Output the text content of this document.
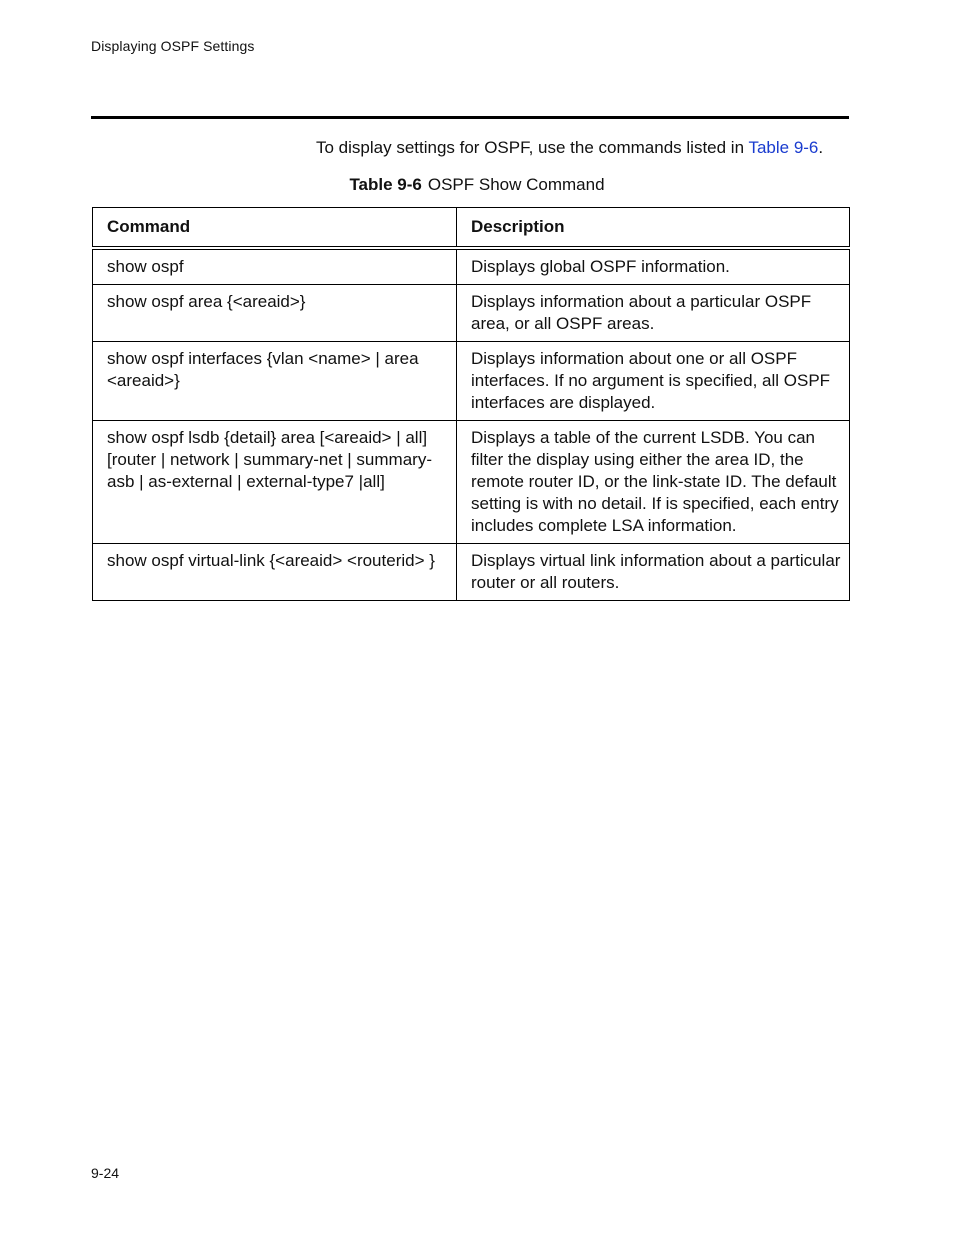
Displaying OSPF Settings
To display settings for OSPF, use the commands listed in Table 9-6.
Table 9-6 OSPF Show Command
Command	Description
show ospf	Displays global OSPF information.
show ospf area {<areaid>}	Displays information about a particular OSPF area, or all OSPF areas.
show ospf interfaces {vlan <name> | area <areaid>}	Displays information about one or all OSPF interfaces. If no argument is specified, all OSPF interfaces are displayed.
show ospf lsdb {detail} area [<areaid> | all] [router | network | summary-net | summary-asb | as-external | external-type7 |all]	Displays a table of the current LSDB. You can filter the display using either the area ID, the remote router ID, or the link-state ID. The default setting is with no detail. If is specified, each entry includes complete LSA information.
show ospf virtual-link {<areaid> <routerid> }	Displays virtual link information about a particular router or all routers.
9-24
